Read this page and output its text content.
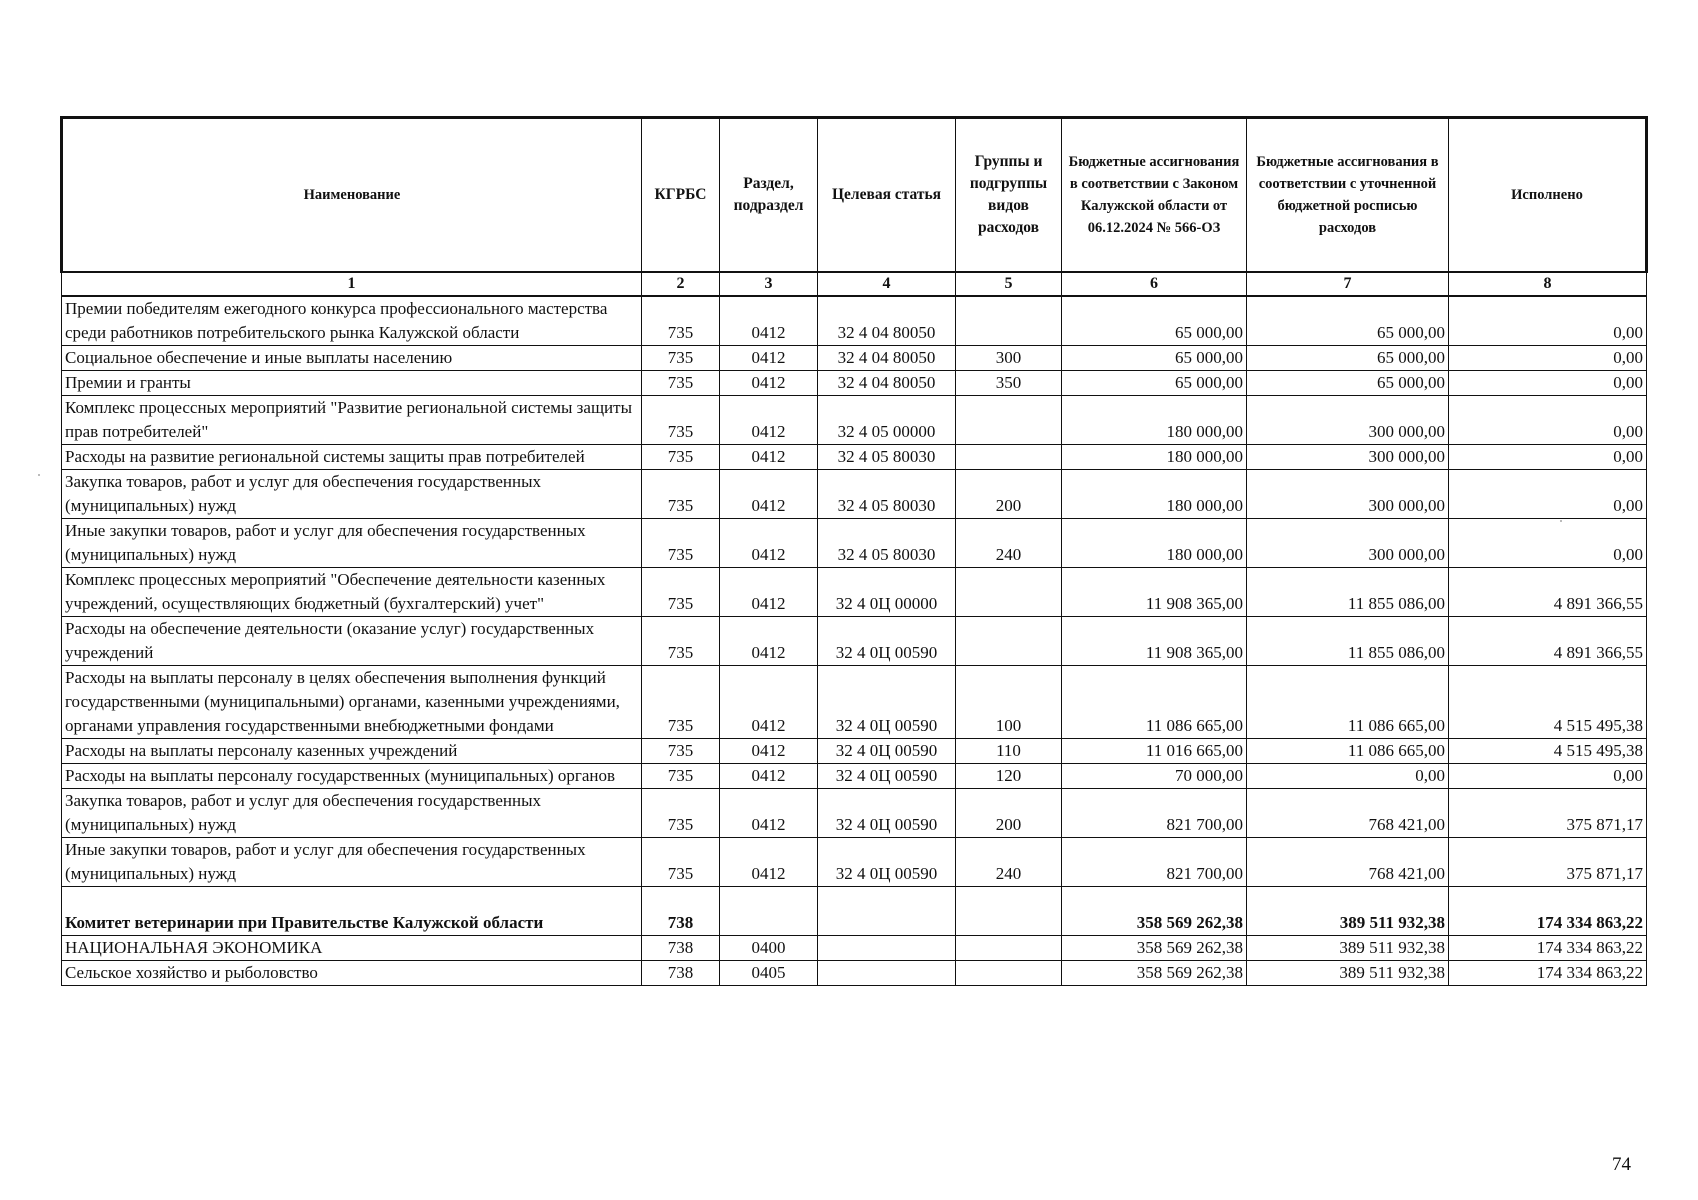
Наименование	КГРБС	Раздел, подраздел	Целевая статья	Группы и подгруппы видов расходов	Бюджетные ассигнования в соответствии с Законом Калужской области от 06.12.2024 № 566-ОЗ	Бюджетные ассигнования в соответствии с уточненной бюджетной росписью расходов	Исполнено
1	2	3	4	5	6	7	8
Премии победителям ежегодного конкурса профессионального мастерства среди работников потребительского рынка Калужской области	735	0412	32 4 04 80050		65 000,00	65 000,00	0,00
Социальное обеспечение и иные выплаты населению	735	0412	32 4 04 80050	300	65 000,00	65 000,00	0,00
Премии и гранты	735	0412	32 4 04 80050	350	65 000,00	65 000,00	0,00
Комплекс процессных мероприятий "Развитие региональной системы защиты прав потребителей"	735	0412	32 4 05 00000		180 000,00	300 000,00	0,00
Расходы на развитие региональной системы защиты прав потребителей	735	0412	32 4 05 80030		180 000,00	300 000,00	0,00
Закупка товаров, работ и услуг для обеспечения государственных (муниципальных) нужд	735	0412	32 4 05 80030	200	180 000,00	300 000,00	0,00
Иные закупки товаров, работ и услуг для обеспечения государственных (муниципальных) нужд	735	0412	32 4 05 80030	240	180 000,00	300 000,00	0,00
Комплекс процессных мероприятий "Обеспечение деятельности казенных учреждений, осуществляющих бюджетный (бухгалтерский) учет"	735	0412	32 4 0Ц 00000		11 908 365,00	11 855 086,00	4 891 366,55
Расходы на обеспечение деятельности (оказание услуг) государственных учреждений	735	0412	32 4 0Ц 00590		11 908 365,00	11 855 086,00	4 891 366,55
Расходы на выплаты персоналу в целях обеспечения выполнения функций государственными (муниципальными) органами, казенными учреждениями, органами управления государственными внебюджетными фондами	735	0412	32 4 0Ц 00590	100	11 086 665,00	11 086 665,00	4 515 495,38
Расходы на выплаты персоналу казенных учреждений	735	0412	32 4 0Ц 00590	110	11 016 665,00	11 086 665,00	4 515 495,38
Расходы на выплаты персоналу государственных (муниципальных) органов	735	0412	32 4 0Ц 00590	120	70 000,00	0,00	0,00
Закупка товаров, работ и услуг для обеспечения государственных (муниципальных) нужд	735	0412	32 4 0Ц 00590	200	821 700,00	768 421,00	375 871,17
Иные закупки товаров, работ и услуг для обеспечения государственных (муниципальных) нужд	735	0412	32 4 0Ц 00590	240	821 700,00	768 421,00	375 871,17
Комитет ветеринарии при Правительстве Калужской области	738				358 569 262,38	389 511 932,38	174 334 863,22
НАЦИОНАЛЬНАЯ ЭКОНОМИКА	738	0400			358 569 262,38	389 511 932,38	174 334 863,22
Сельское хозяйство и рыболовство	738	0405			358 569 262,38	389 511 932,38	174 334 863,22
74
